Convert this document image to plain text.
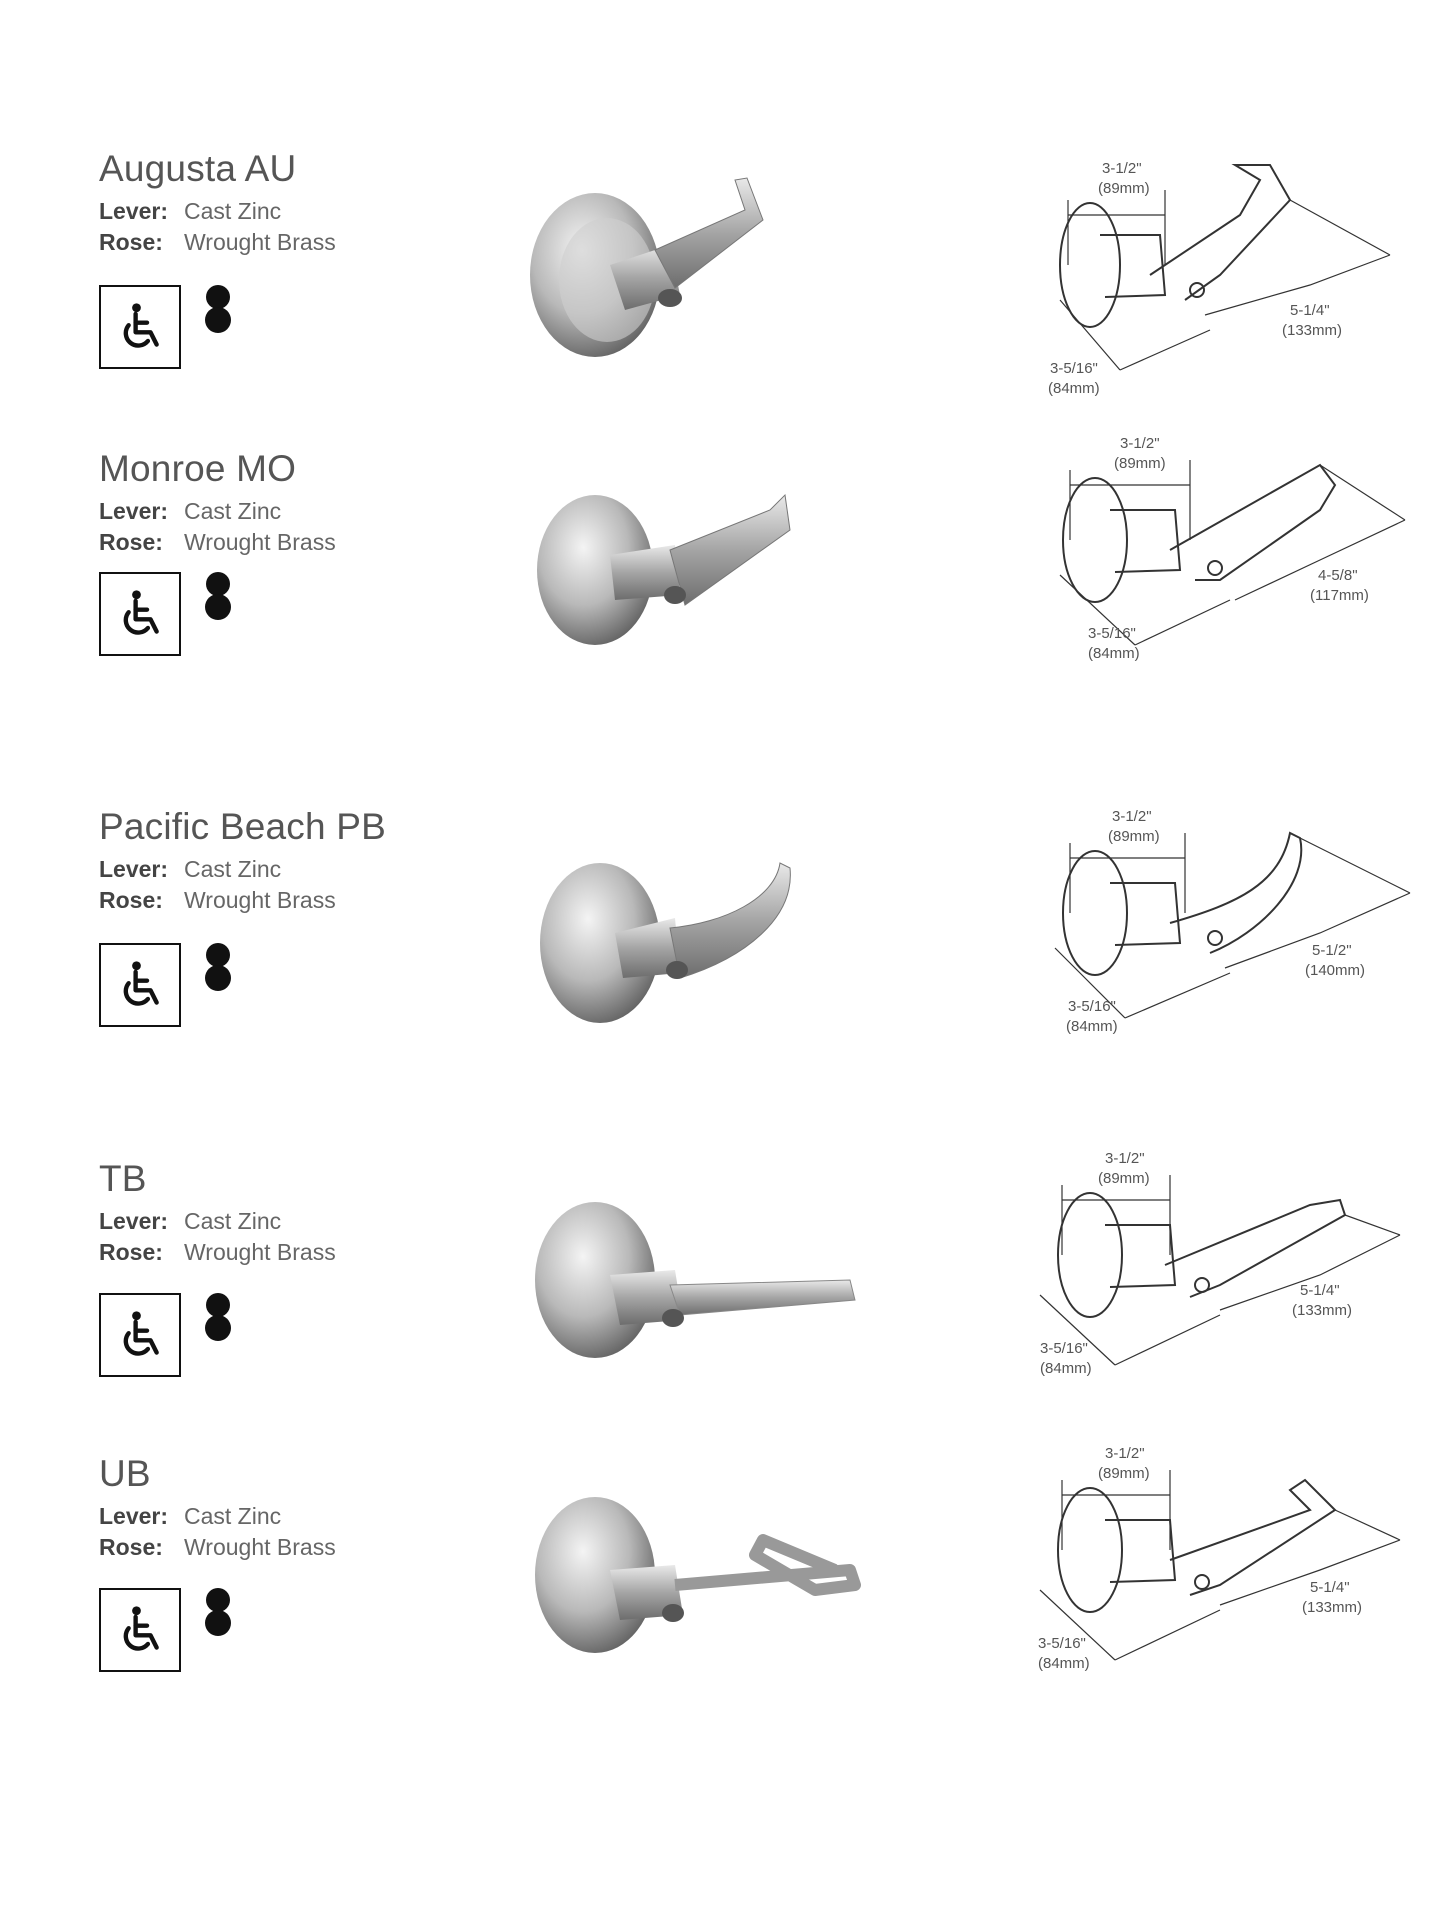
Augusta AU
Lever: Cast Zinc
Rose: Wrought Brass
3-1/2"
(89mm)
5-1/4"
(133mm)
3-5/16"
(84mm)
Monroe MO
Lever: Cast Zinc
Rose: Wrought Brass
3-1/2"
(89mm)
4-5/8"
(117mm)
3-5/16"
(84mm)
Pacific Beach PB
Lever: Cast Zinc
Rose: Wrought Brass
3-1/2"
(89mm)
5-1/2"
(140mm)
3-5/16"
(84mm)
TB
Lever: Cast Zinc
Rose: Wrought Brass
3-1/2"
(89mm)
5-1/4"
(133mm)
3-5/16"
(84mm)
UB
Lever: Cast Zinc
Rose: Wrought Brass
3-1/2"
(89mm)
5-1/4"
(133mm)
3-5/16"
(84mm)
